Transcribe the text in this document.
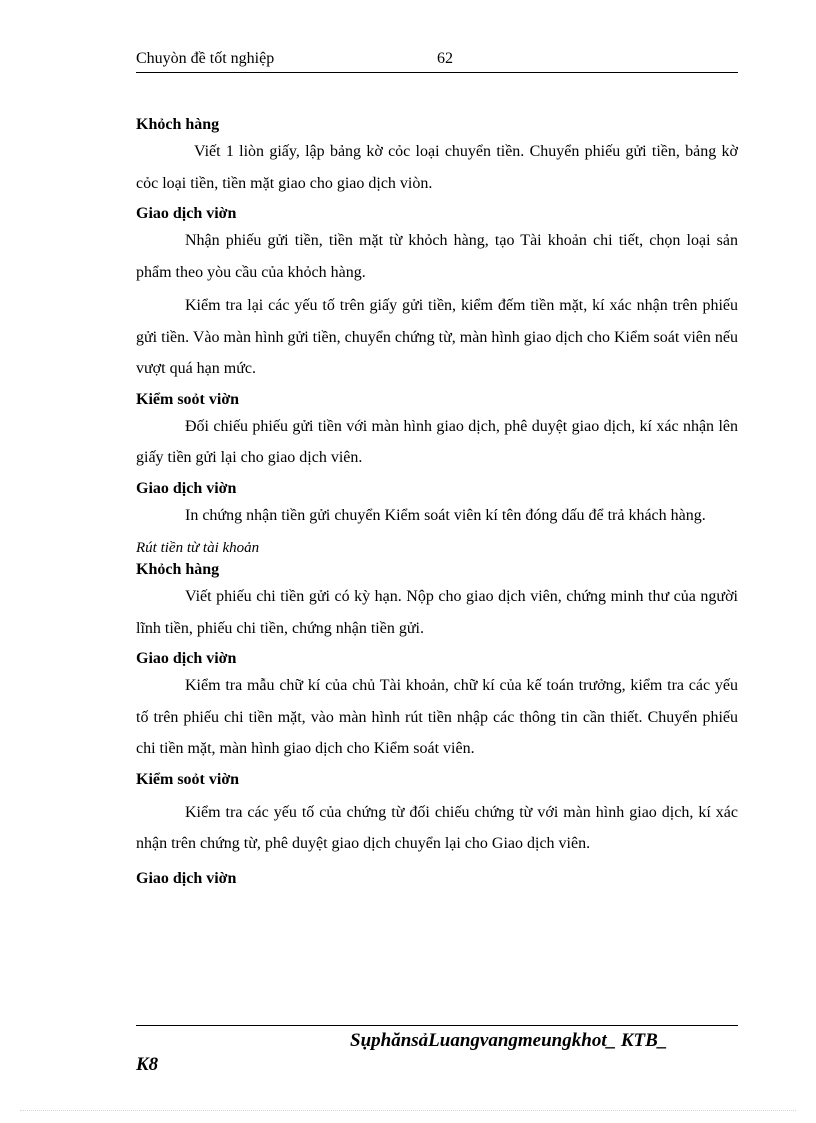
Chuyòn đề tốt nghiệp	62

Khỏch hàng

Viết 1 liòn giấy, lập bảng kờ cỏc loại chuyển tiền. Chuyển phiếu gửi tiền, bảng kờ cỏc loại tiền, tiền mặt giao cho giao dịch viòn.

Giao dịch viờn

Nhận phiếu gửi tiền, tiền mặt từ khỏch hàng, tạo Tài khoản chi tiết, chọn loại sản phẩm theo yòu cầu của khỏch hàng.

Kiểm tra lại các yếu tố trên giấy gửi tiền, kiểm đếm tiền mặt, kí xác nhận trên phiếu gửi tiền. Vào màn hình gửi tiền, chuyển chứng từ, màn hình giao dịch cho Kiểm soát viên nếu vượt quá hạn mức.

Kiểm soỏt viờn

Đối chiếu phiếu gửi tiền với màn hình giao dịch, phê duyệt giao dịch, kí xác nhận lên giấy tiền gửi lại cho giao dịch viên.

Giao dịch viờn

In chứng nhận tiền gửi chuyển Kiểm soát viên kí tên đóng dấu để trả khách hàng.

Rút tiền từ tài khoản

Khỏch hàng

Viết phiếu chi tiền gửi có kỳ hạn. Nộp cho giao dịch viên, chứng minh thư của người lĩnh tiền, phiếu chi tiền, chứng nhận tiền gửi.

Giao dịch viờn

Kiểm tra mẫu chữ kí của chủ Tài khoản, chữ kí của kế toán trưởng, kiểm tra các yếu tố trên phiếu chi tiền mặt, vào màn hình rút tiền nhập các thông tin cần thiết. Chuyển phiếu chi tiền mặt, màn hình giao dịch cho Kiểm soát viên.

Kiểm soỏt viờn

Kiểm tra các yếu tố của chứng từ đối chiếu chứng từ với màn hình giao dịch, kí xác nhận trên chứng từ, phê duyệt giao dịch chuyển lại cho Giao dịch viên.

Giao dịch viờn

SụphănsảLuangvangmeungkhot_ KTB_
K8
